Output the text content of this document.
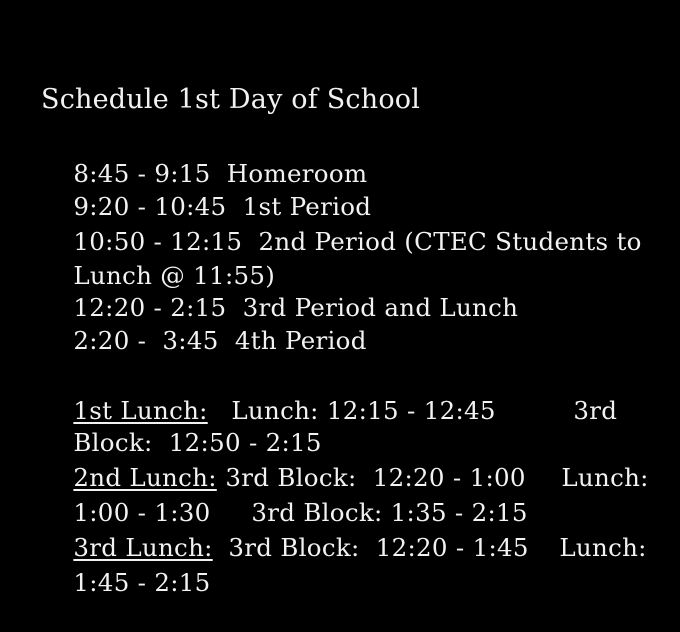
Schedule 1st Day of School

8:45 - 9:15 Homeroom

9:20 - 10:45 1st Period

10:50 - 12:15 2nd Period (CTEC Students to

Lunch @ 11:55)

12:20 - 2:15 3rd Period and Lunch

2:20 -  3:45 4th Period

1st Lunch:
Lunch: 12:15 - 12:45
	3rd

Block:  12:50 - 2:15

2nd Lunch:
3rd Block:  12:20 - 1:00
	Lunch:

1:00 - 1:30
	3rd Block: 1:35 - 2:15

3rd Lunch:
3rd Block:  12:20 - 1:45
	Lunch:

1:45 - 2:15
